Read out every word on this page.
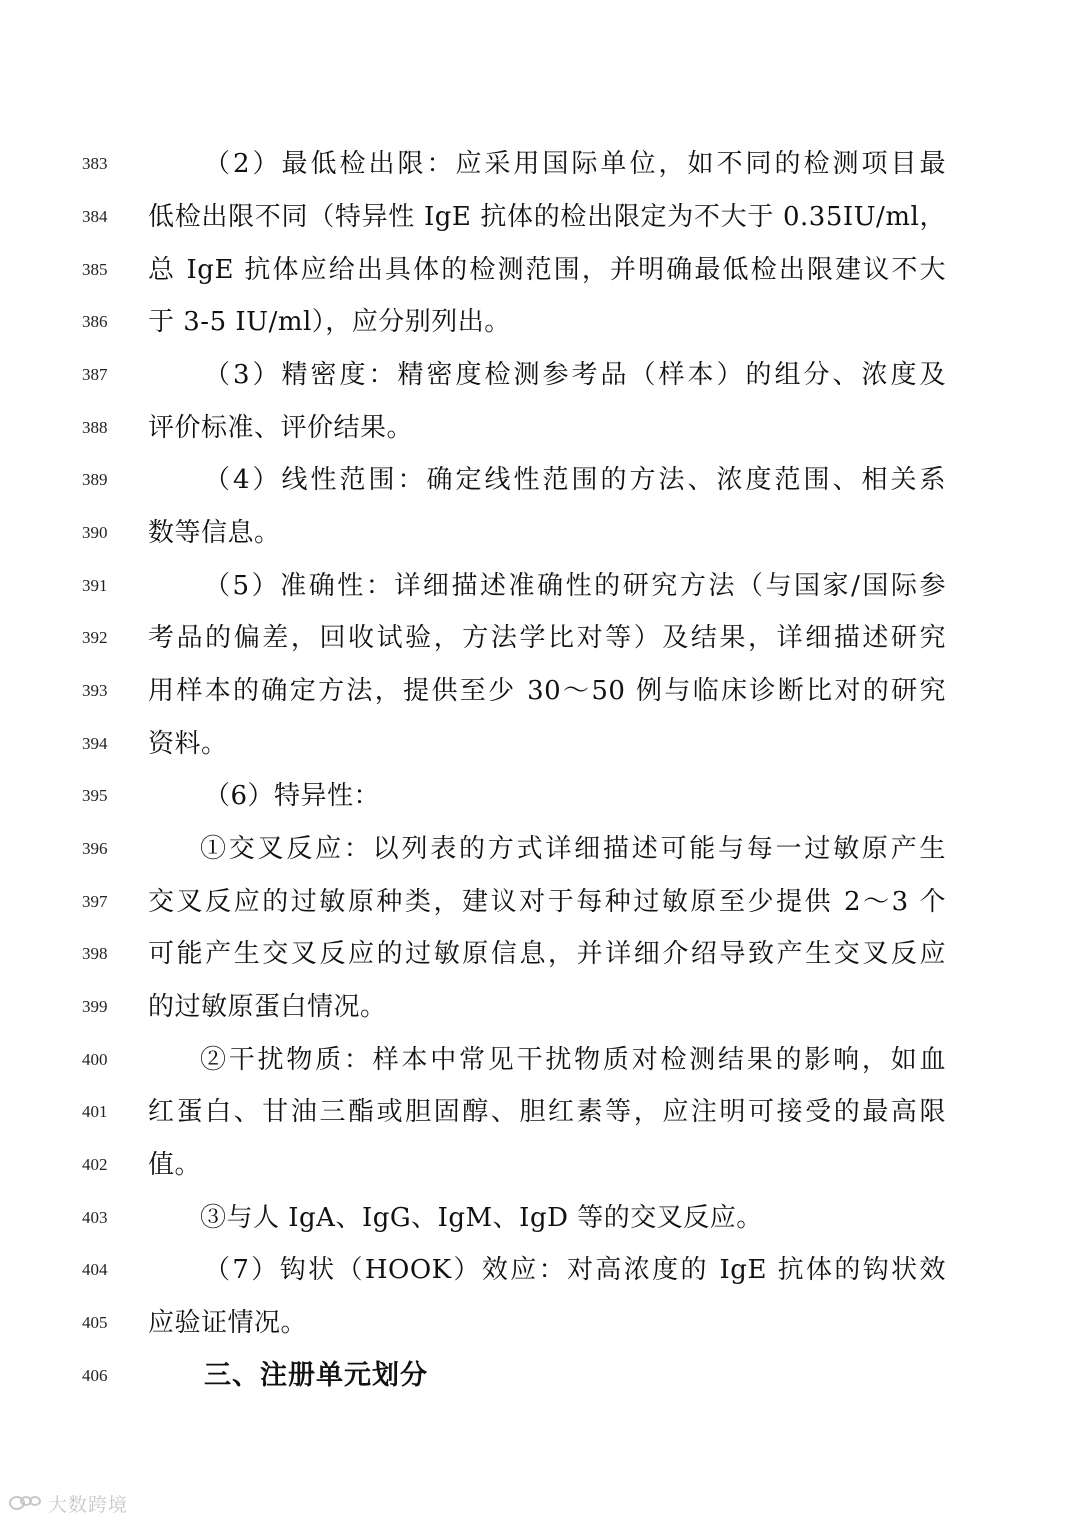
383	（2）最低检出限：应采用国际单位，如不同的检测项目最
384	低检出限不同（特异性 IgE 抗体的检出限定为不大于 0.35IU/ml，
385	总 IgE 抗体应给出具体的检测范围，并明确最低检出限建议不大
386	于 3-5 IU/ml），应分别列出。
387	（3）精密度：精密度检测参考品（样本）的组分、浓度及
388	评价标准、评价结果。
389	（4）线性范围：确定线性范围的方法、浓度范围、相关系
390	数等信息。
391	（5）准确性：详细描述准确性的研究方法（与国家/国际参
392	考品的偏差，回收试验，方法学比对等）及结果，详细描述研究
393	用样本的确定方法，提供至少 30～50 例与临床诊断比对的研究
394	资料。
395	（6）特异性：
396	①交叉反应：以列表的方式详细描述可能与每一过敏原产生
397	交叉反应的过敏原种类，建议对于每种过敏原至少提供 2～3 个
398	可能产生交叉反应的过敏原信息，并详细介绍导致产生交叉反应
399	的过敏原蛋白情况。
400	②干扰物质：样本中常见干扰物质对检测结果的影响，如血
401	红蛋白、甘油三酯或胆固醇、胆红素等，应注明可接受的最高限
402	值。
403	③与人 IgA、IgG、IgM、IgD 等的交叉反应。
404	（7）钩状（HOOK）效应：对高浓度的 IgE 抗体的钩状效
405	应验证情况。
406	三、注册单元划分
大数跨境
